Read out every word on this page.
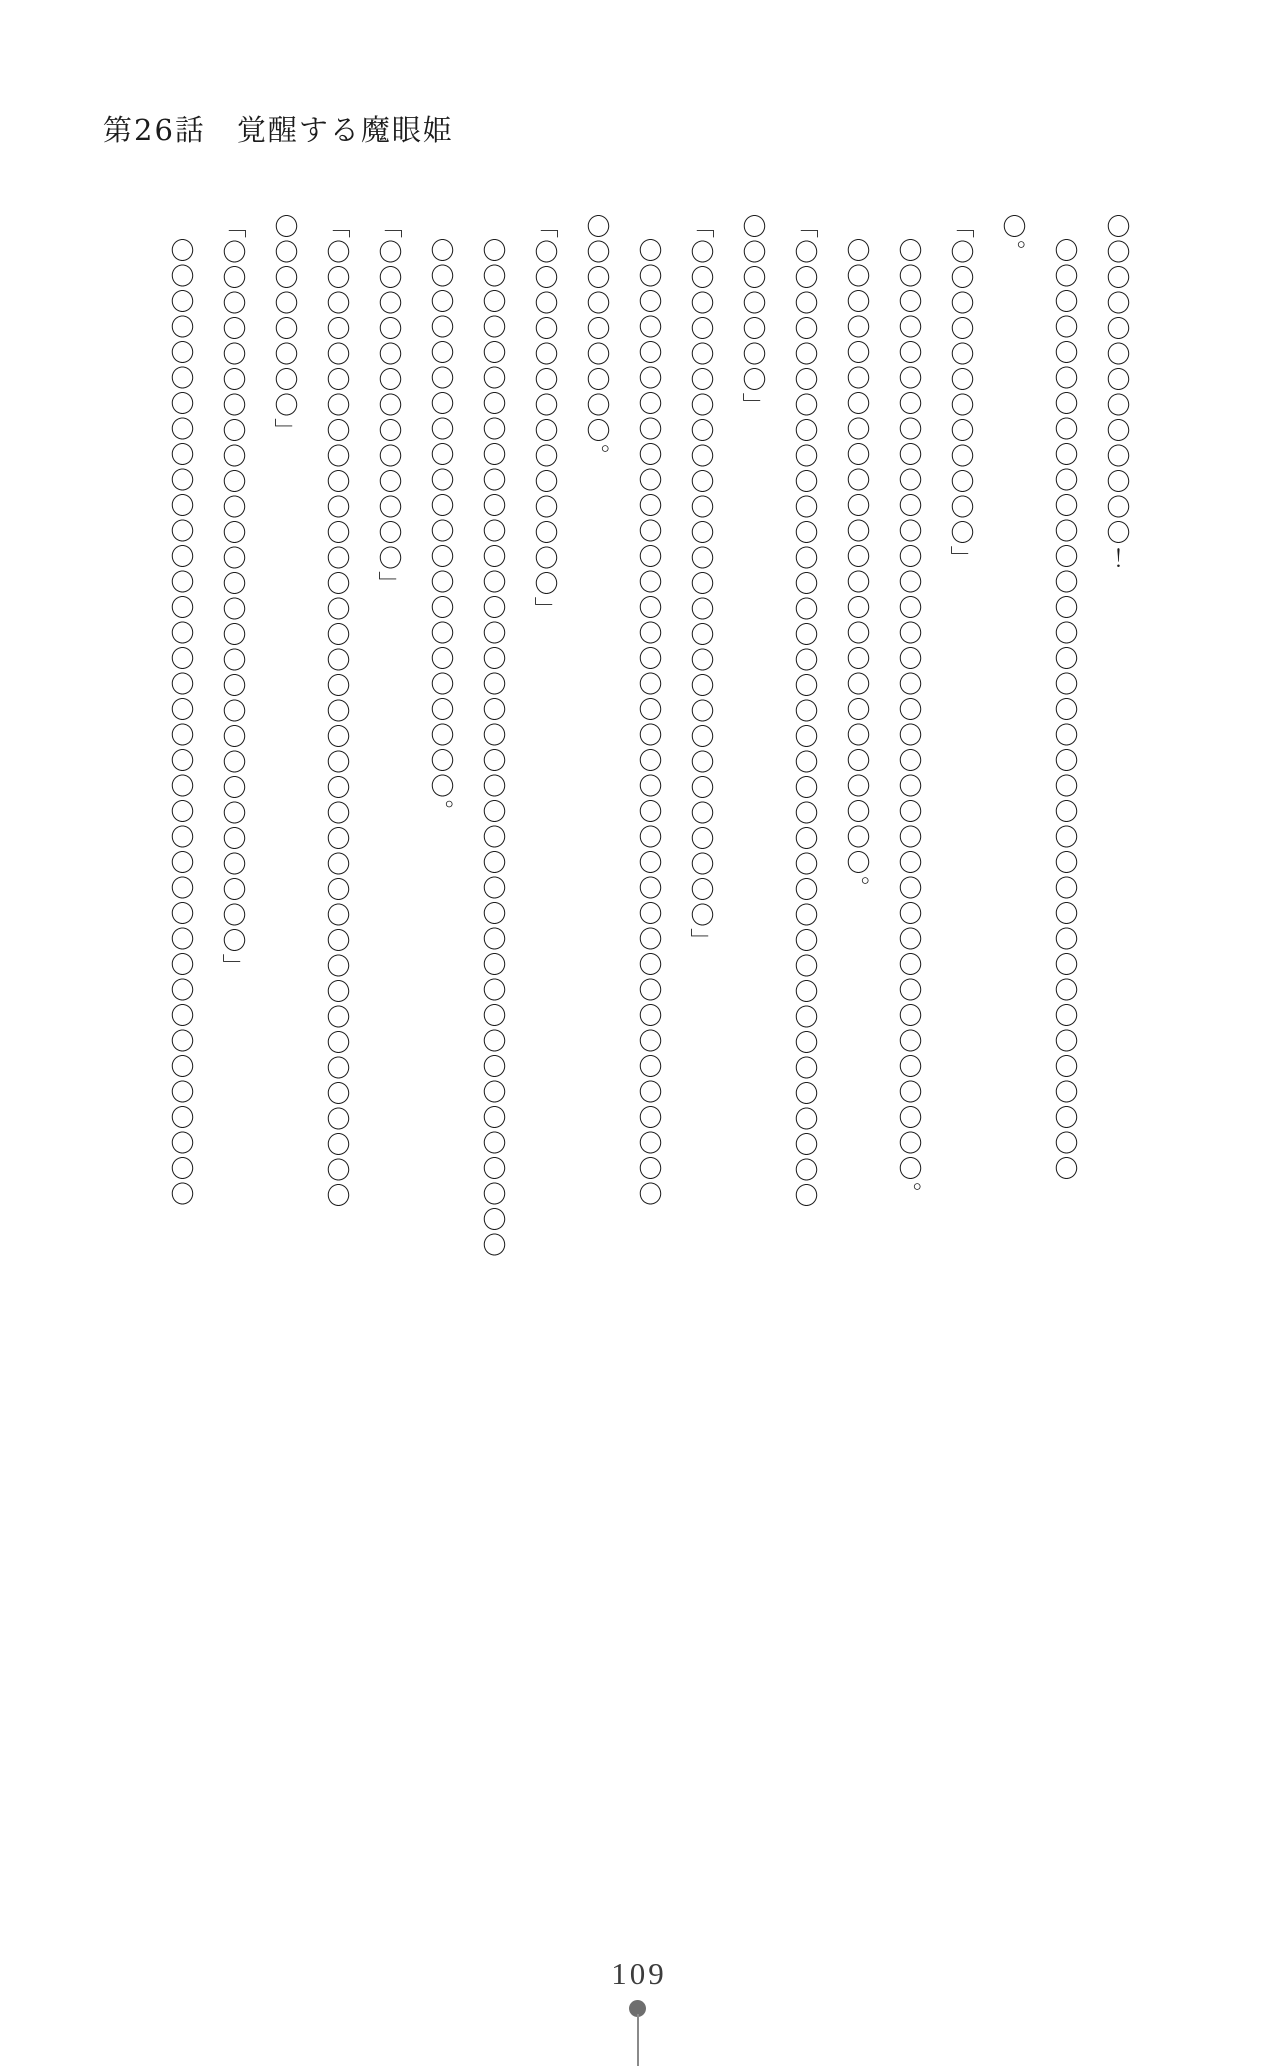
第26話　覚醒する魔眼姫

〇〇〇〇〇〇〇〇〇〇〇〇〇！

〇〇〇〇〇〇〇〇〇〇〇〇〇〇〇〇〇〇〇〇〇〇〇〇〇〇〇〇〇〇〇〇〇〇〇〇〇

〇。

「〇〇〇〇〇〇〇〇〇〇〇〇」

〇〇〇〇〇〇〇〇〇〇〇〇〇〇〇〇〇〇〇〇〇〇〇〇〇〇〇〇〇〇〇〇〇〇〇〇〇。

〇〇〇〇〇〇〇〇〇〇〇〇〇〇〇〇〇〇〇〇〇〇〇〇〇。

「〇〇〇〇〇〇〇〇〇〇〇〇〇〇〇〇〇〇〇〇〇〇〇〇〇〇〇〇〇〇〇〇〇〇〇〇〇〇

〇〇〇〇〇〇〇」

「〇〇〇〇〇〇〇〇〇〇〇〇〇〇〇〇〇〇〇〇〇〇〇〇〇〇〇」

〇〇〇〇〇〇〇〇〇〇〇〇〇〇〇〇〇〇〇〇〇〇〇〇〇〇〇〇〇〇〇〇〇〇〇〇〇〇

〇〇〇〇〇〇〇〇〇。

「〇〇〇〇〇〇〇〇〇〇〇〇〇〇」

〇〇〇〇〇〇〇〇〇〇〇〇〇〇〇〇〇〇〇〇〇〇〇〇〇〇〇〇〇〇〇〇〇〇〇〇〇〇〇〇

〇〇〇〇〇〇〇〇〇〇〇〇〇〇〇〇〇〇〇〇〇〇。

「〇〇〇〇〇〇〇〇〇〇〇〇〇」

「〇〇〇〇〇〇〇〇〇〇〇〇〇〇〇〇〇〇〇〇〇〇〇〇〇〇〇〇〇〇〇〇〇〇〇〇〇〇

〇〇〇〇〇〇〇〇」

「〇〇〇〇〇〇〇〇〇〇〇〇〇〇〇〇〇〇〇〇〇〇〇〇〇〇〇〇」

〇〇〇〇〇〇〇〇〇〇〇〇〇〇〇〇〇〇〇〇〇〇〇〇〇〇〇〇〇〇〇〇〇〇〇〇〇〇

109
